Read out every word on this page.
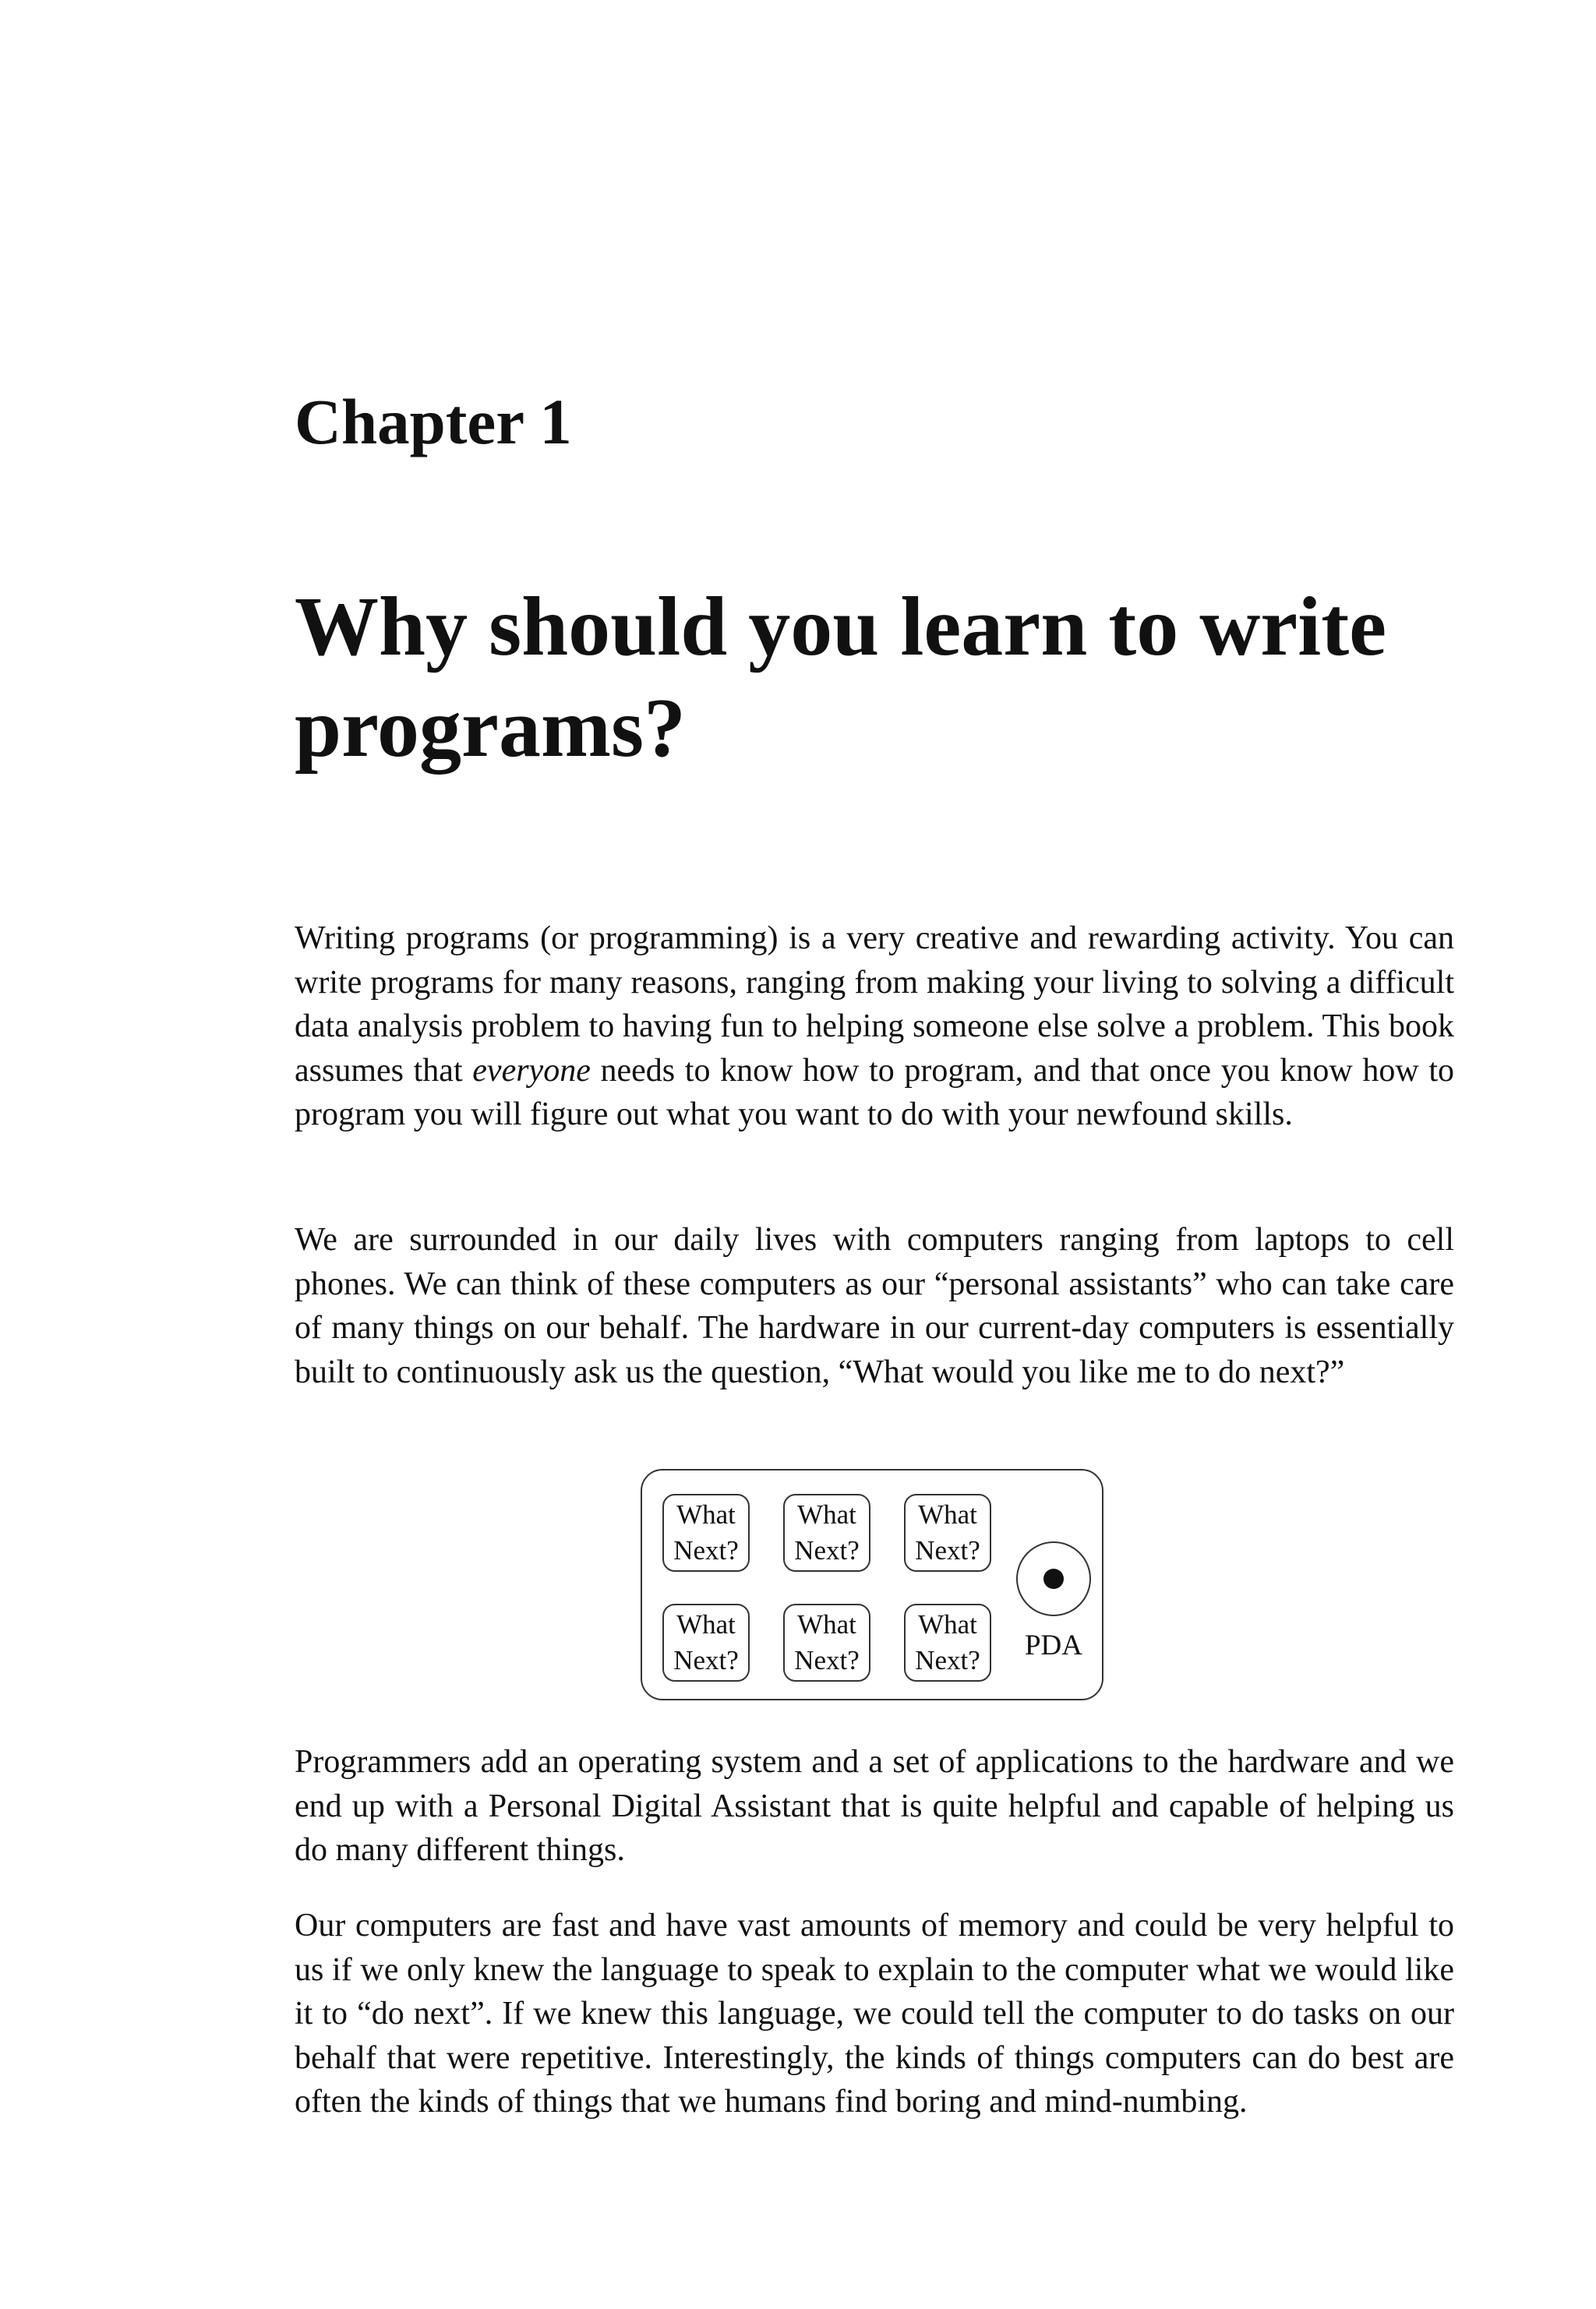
Chapter 1
Why should you learn to write
programs?

Writing programs (or programming) is a very creative and rewarding activity. You can write programs for many reasons, ranging from making your living to solving a difficult data analysis problem to having fun to helping someone else solve a problem. This book assumes that everyone needs to know how to program, and that once you know how to program you will figure out what you want to do with your newfound skills.

We are surrounded in our daily lives with computers ranging from laptops to cell phones. We can think of these computers as our “personal assistants” who can take care of many things on our behalf. The hardware in our current-day computers is essentially built to continuously ask us the question, “What would you like me to do next?”

What
Next?
What
Next?
What
Next?
What
Next?
What
Next?
What
Next?	PDA

Programmers add an operating system and a set of applications to the hardware and we end up with a Personal Digital Assistant that is quite helpful and capable of helping us do many different things.

Our computers are fast and have vast amounts of memory and could be very helpful to us if we only knew the language to speak to explain to the computer what we would like it to “do next”. If we knew this language, we could tell the computer to do tasks on our behalf that were repetitive. Interestingly, the kinds of things computers can do best are often the kinds of things that we humans find boring and mind-numbing.
